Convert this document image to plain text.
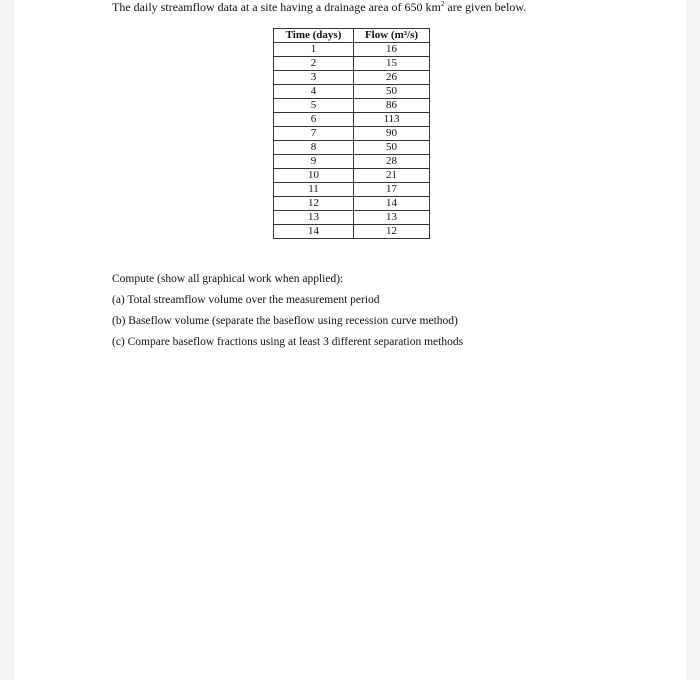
The daily streamflow data at a site having a drainage area of 650 $km^2$ are given below.
Time (days)	Flow (m³/s)
1	16
2	15
3	26
4	50
5	86
6	113
7	90
8	50
9	28
10	21
11	17
12	14
13	13
14	12

Compute (show all graphical work when applied):

(a) Total streamflow volume over the measurement period

(b) Baseflow volume (separate the baseflow using recession curve method)

(c) Compare baseflow fractions using at least 3 different separation methods
